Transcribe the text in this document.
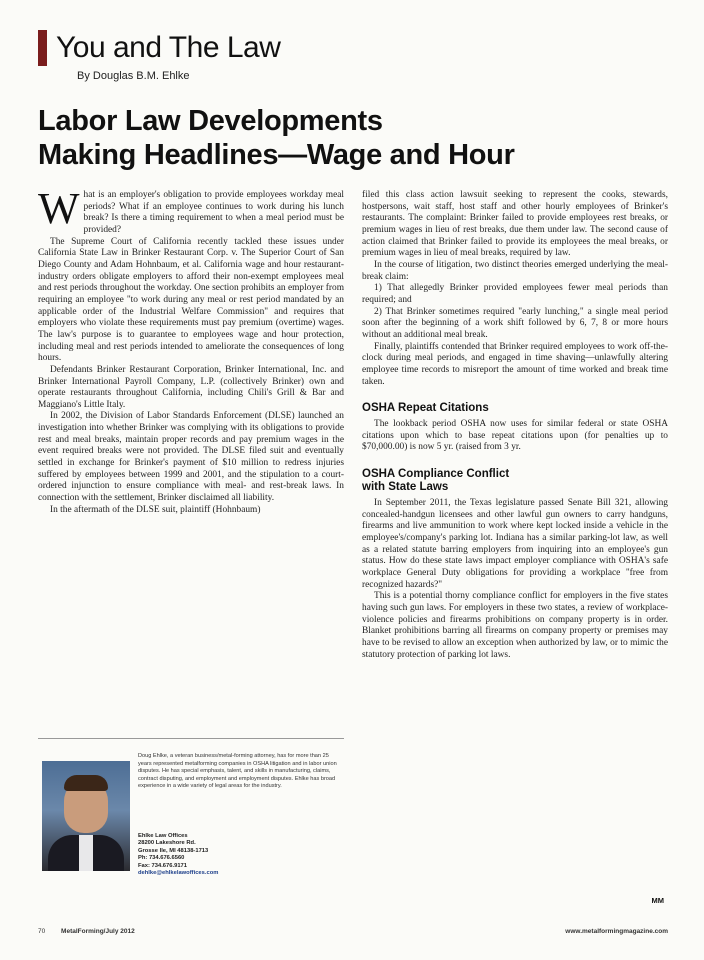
You and The Law
By Douglas B.M. Ehlke
Labor Law Developments
Making Headlines—Wage and Hour

What is an employer's obligation to provide employees workday meal periods? What if an employee continues to work during his lunch break? Is there a timing requirement to when a meal period must be provided?

The Supreme Court of California recently tackled these issues under California State Law in Brinker Restaurant Corp. v. The Superior Court of San Diego County and Adam Hohnbaum, et al. California wage and hour restaurant-industry orders obligate employers to afford their non-exempt employees meal and rest periods throughout the workday. One section prohibits an employer from requiring an employee "to work during any meal or rest period mandated by an applicable order of the Industrial Welfare Commission" and requires that employers who violate these requirements must pay premium (overtime) wages. The law's purpose is to guarantee to employees wage and hour protection, including meal and rest periods intended to ameliorate the consequences of long hours.

Defendants Brinker Restaurant Corporation, Brinker International, Inc. and Brinker International Payroll Company, L.P. (collectively Brinker) own and operate restaurants throughout California, including Chili's Grill & Bar and Maggiano's Little Italy.

In 2002, the Division of Labor Standards Enforcement (DLSE) launched an investigation into whether Brinker was complying with its obligations to provide rest and meal breaks, maintain proper records and pay premium wages in the event required breaks were not provided. The DLSE filed suit and eventually settled in exchange for Brinker's payment of $10 million to redress injuries suffered by employees between 1999 and 2001, and the stipulation to a court-ordered injunction to ensure compliance with meal- and rest-break laws. In connection with the settlement, Brinker disclaimed all liability.

In the aftermath of the DLSE suit, plaintiff (Hohnbaum)

filed this class action lawsuit seeking to represent the cooks, stewards, hostpersons, wait staff, host staff and other hourly employees of Brinker's restaurants. The complaint: Brinker failed to provide employees rest breaks, or premium wages in lieu of rest breaks, due them under law. The second cause of action claimed that Brinker failed to provide its employees the meal breaks, or premium wages in lieu of meal breaks, required by law.

In the course of litigation, two distinct theories emerged underlying the meal-break claim:

1) That allegedly Brinker provided employees fewer meal periods than required; and

2) That Brinker sometimes required "early lunching," a single meal period soon after the beginning of a work shift followed by 6, 7, 8 or more hours without an additional meal break.

Finally, plaintiffs contended that Brinker required employees to work off-the-clock during meal periods, and engaged in time shaving—unlawfully altering employee time records to misreport the amount of time worked and break time taken.

OSHA Repeat Citations

The lookback period OSHA now uses for similar federal or state OSHA citations upon which to base repeat citations upon (for penalties up to $70,000.00) is now 5 yr. (raised from 3 yr.

OSHA Compliance Conflict
with State Laws

In September 2011, the Texas legislature passed Senate Bill 321, allowing concealed-handgun licensees and other lawful gun owners to carry handguns, firearms and live ammunition to work where kept locked inside a vehicle in the employee's/company's parking lot. Indiana has a similar parking-lot law, as well as a related statute barring employers from inquiring into an employee's gun status. How do these state laws impact employer compliance with OSHA's safe workplace General Duty obligations for providing a workplace "free from recognized hazards?"

This is a potential thorny compliance conflict for employers in the five states having such gun laws. For employers in these two states, a review of workplace-violence policies and firearms prohibitions on company property is in order. Blanket prohibitions barring all firearms on company property or premises may have to be revised to allow an exception when authorized by law, or to mimic the statutory protection of parking lot laws.

MM
Doug Ehlke, a veteran business/metal-forming attorney, has for more than 25 years represented metalforming companies in OSHA litigation and in labor union disputes. He has special emphasis, talent, and skills in manufacturing, claims, contract disputing, and employment and employment disputes. Ehlke has broad experience in a wide variety of legal areas for the industry.
Ehlke Law Offices
28200 Lakeshore Rd.
Grosse Ile, MI 48138-1713
Ph: 734.676.6560
Fax: 734.676.9171
dehlke@ehlkelawoffices.com
70 MetalForming/July 2012	www.metalformingmagazine.com
